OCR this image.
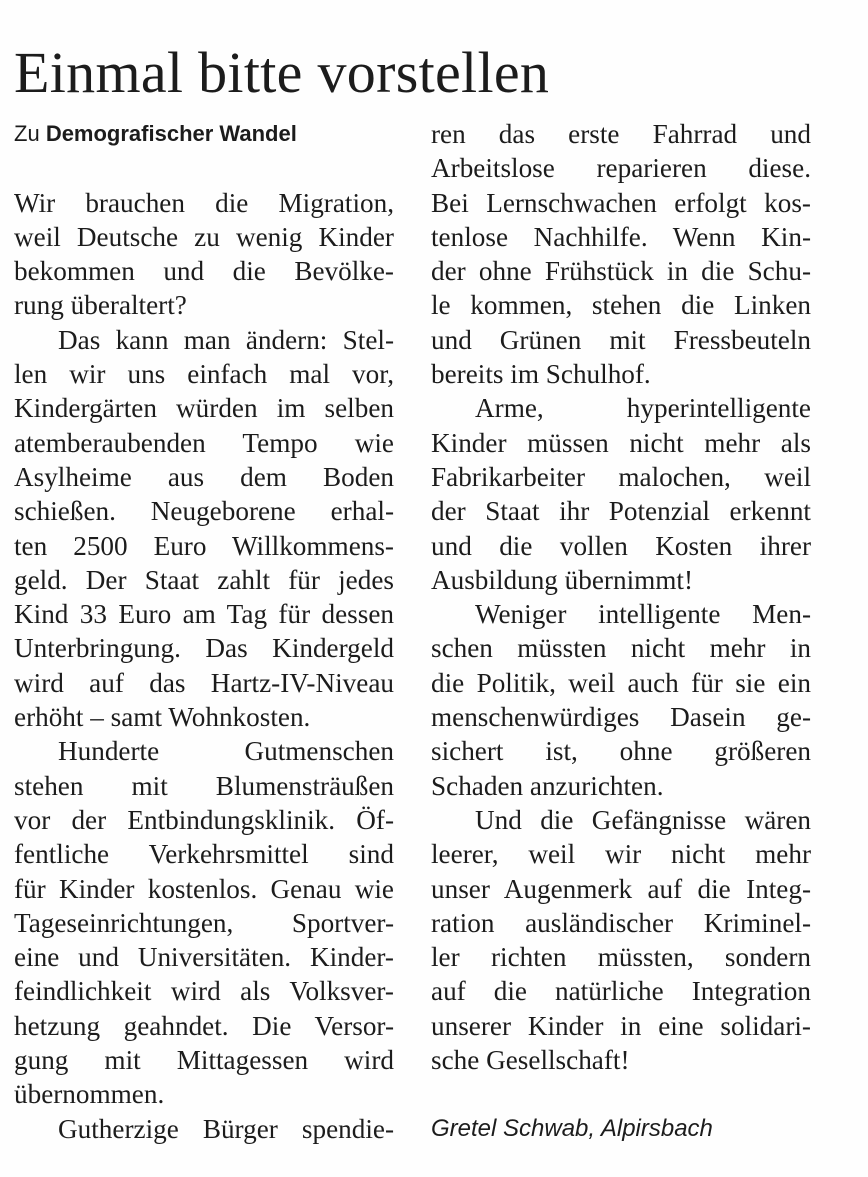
Einmal bitte vorstellen
Zu Demografischer Wandel
Wir brauchen die Migration,
weil Deutsche zu wenig Kinder
bekommen und die Bevölke-
rung überaltert?
Das kann man ändern: Stel-
len wir uns einfach mal vor,
Kindergärten würden im selben
atemberaubenden Tempo wie
Asylheime aus dem Boden
schießen. Neugeborene erhal-
ten 2500 Euro Willkommens-
geld. Der Staat zahlt für jedes
Kind 33 Euro am Tag für dessen
Unterbringung. Das Kindergeld
wird auf das Hartz-IV-Niveau
erhöht – samt Wohnkosten.
Hunderte Gutmenschen
stehen mit Blumensträußen
vor der Entbindungsklinik. Öf-
fentliche Verkehrsmittel sind
für Kinder kostenlos. Genau wie
Tageseinrichtungen, Sportver-
eine und Universitäten. Kinder-
feindlichkeit wird als Volksver-
hetzung geahndet. Die Versor-
gung mit Mittagessen wird
übernommen.
Gutherzige Bürger spendie-
ren das erste Fahrrad und
Arbeitslose reparieren diese.
Bei Lernschwachen erfolgt kos-
tenlose Nachhilfe. Wenn Kin-
der ohne Frühstück in die Schu-
le kommen, stehen die Linken
und Grünen mit Fressbeuteln
bereits im Schulhof.
Arme, hyperintelligente
Kinder müssen nicht mehr als
Fabrikarbeiter malochen, weil
der Staat ihr Potenzial erkennt
und die vollen Kosten ihrer
Ausbildung übernimmt!
Weniger intelligente Men-
schen müssten nicht mehr in
die Politik, weil auch für sie ein
menschenwürdiges Dasein ge-
sichert ist, ohne größeren
Schaden anzurichten.
Und die Gefängnisse wären
leerer, weil wir nicht mehr
unser Augenmerk auf die Integ-
ration ausländischer Kriminel-
ler richten müssten, sondern
auf die natürliche Integration
unserer Kinder in eine solidari-
sche Gesellschaft!
Gretel Schwab, Alpirsbach
